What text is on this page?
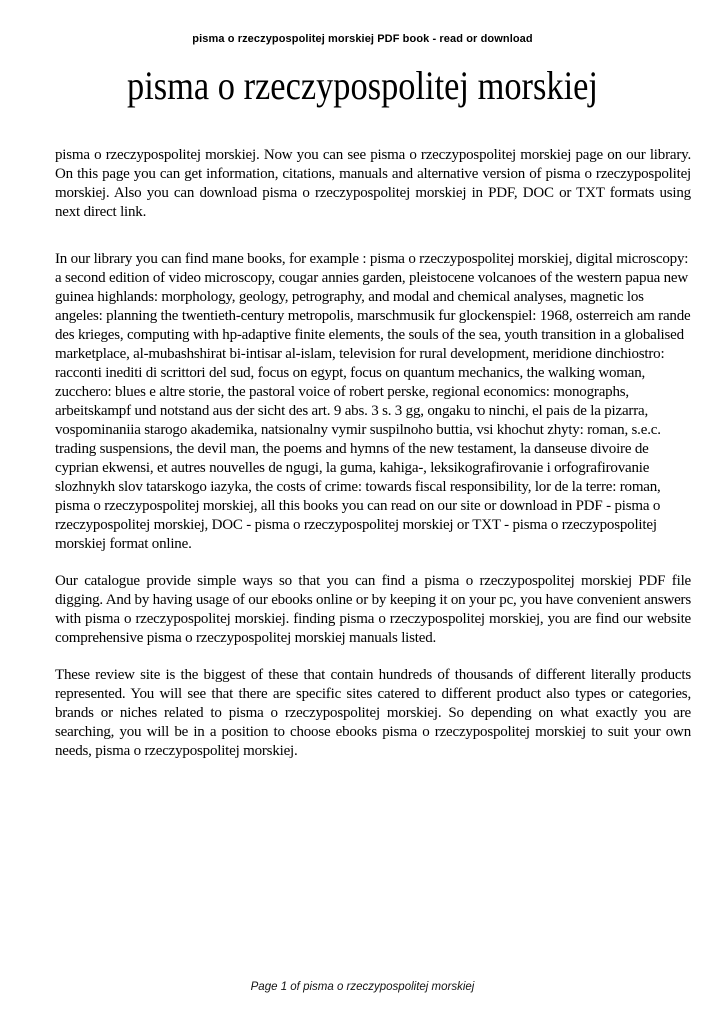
pisma o rzeczypospolitej morskiej PDF book - read or download
pisma o rzeczypospolitej morskiej

pisma o rzeczypospolitej morskiej. Now you can see pisma o rzeczypospolitej morskiej page on our library. On this page you can get information, citations, manuals and alternative version of pisma o rzeczypospolitej morskiej. Also you can download pisma o rzeczypospolitej morskiej in PDF, DOC or TXT formats using next direct link.

In our library you can find mane books, for example : pisma o rzeczypospolitej morskiej, digital microscopy: a second edition of video microscopy, cougar annies garden, pleistocene volcanoes of the western papua new guinea highlands: morphology, geology, petrography, and modal and chemical analyses, magnetic los angeles: planning the twentieth-century metropolis, marschmusik fur glockenspiel: 1968, osterreich am rande des krieges, computing with hp-adaptive finite elements, the souls of the sea, youth transition in a globalised marketplace, al-mubashshirat bi-intisar al-islam, television for rural development, meridione dinchiostro: racconti inediti di scrittori del sud, focus on egypt, focus on quantum mechanics, the walking woman, zucchero: blues e altre storie, the pastoral voice of robert perske, regional economics: monographs, arbeitskampf und notstand aus der sicht des art. 9 abs. 3 s. 3 gg, ongaku to ninchi, el pais de la pizarra, vospominaniia starogo akademika, natsionalny vymir suspilnoho buttia, vsi khochut zhyty: roman, s.e.c. trading suspensions, the devil man, the poems and hymns of the new testament, la danseuse divoire de cyprian ekwensi, et autres nouvelles de ngugi, la guma, kahiga-, leksikografirovanie i orfografirovanie slozhnykh slov tatarskogo iazyka, the costs of crime: towards fiscal responsibility, lor de la terre: roman, pisma o rzeczypospolitej morskiej, all this books you can read on our site or download in PDF - pisma o rzeczypospolitej morskiej, DOC - pisma o rzeczypospolitej morskiej or TXT - pisma o rzeczypospolitej morskiej format online.

Our catalogue provide simple ways so that you can find a pisma o rzeczypospolitej morskiej PDF file digging. And by having usage of our ebooks online or by keeping it on your pc, you have convenient answers with pisma o rzeczypospolitej morskiej. finding pisma o rzeczypospolitej morskiej, you are find our website comprehensive pisma o rzeczypospolitej morskiej manuals listed.

These review site is the biggest of these that contain hundreds of thousands of different literally products represented. You will see that there are specific sites catered to different product also types or categories, brands or niches related to pisma o rzeczypospolitej morskiej. So depending on what exactly you are searching, you will be in a position to choose ebooks pisma o rzeczypospolitej morskiej to suit your own needs, pisma o rzeczypospolitej morskiej.

Page 1 of pisma o rzeczypospolitej morskiej
